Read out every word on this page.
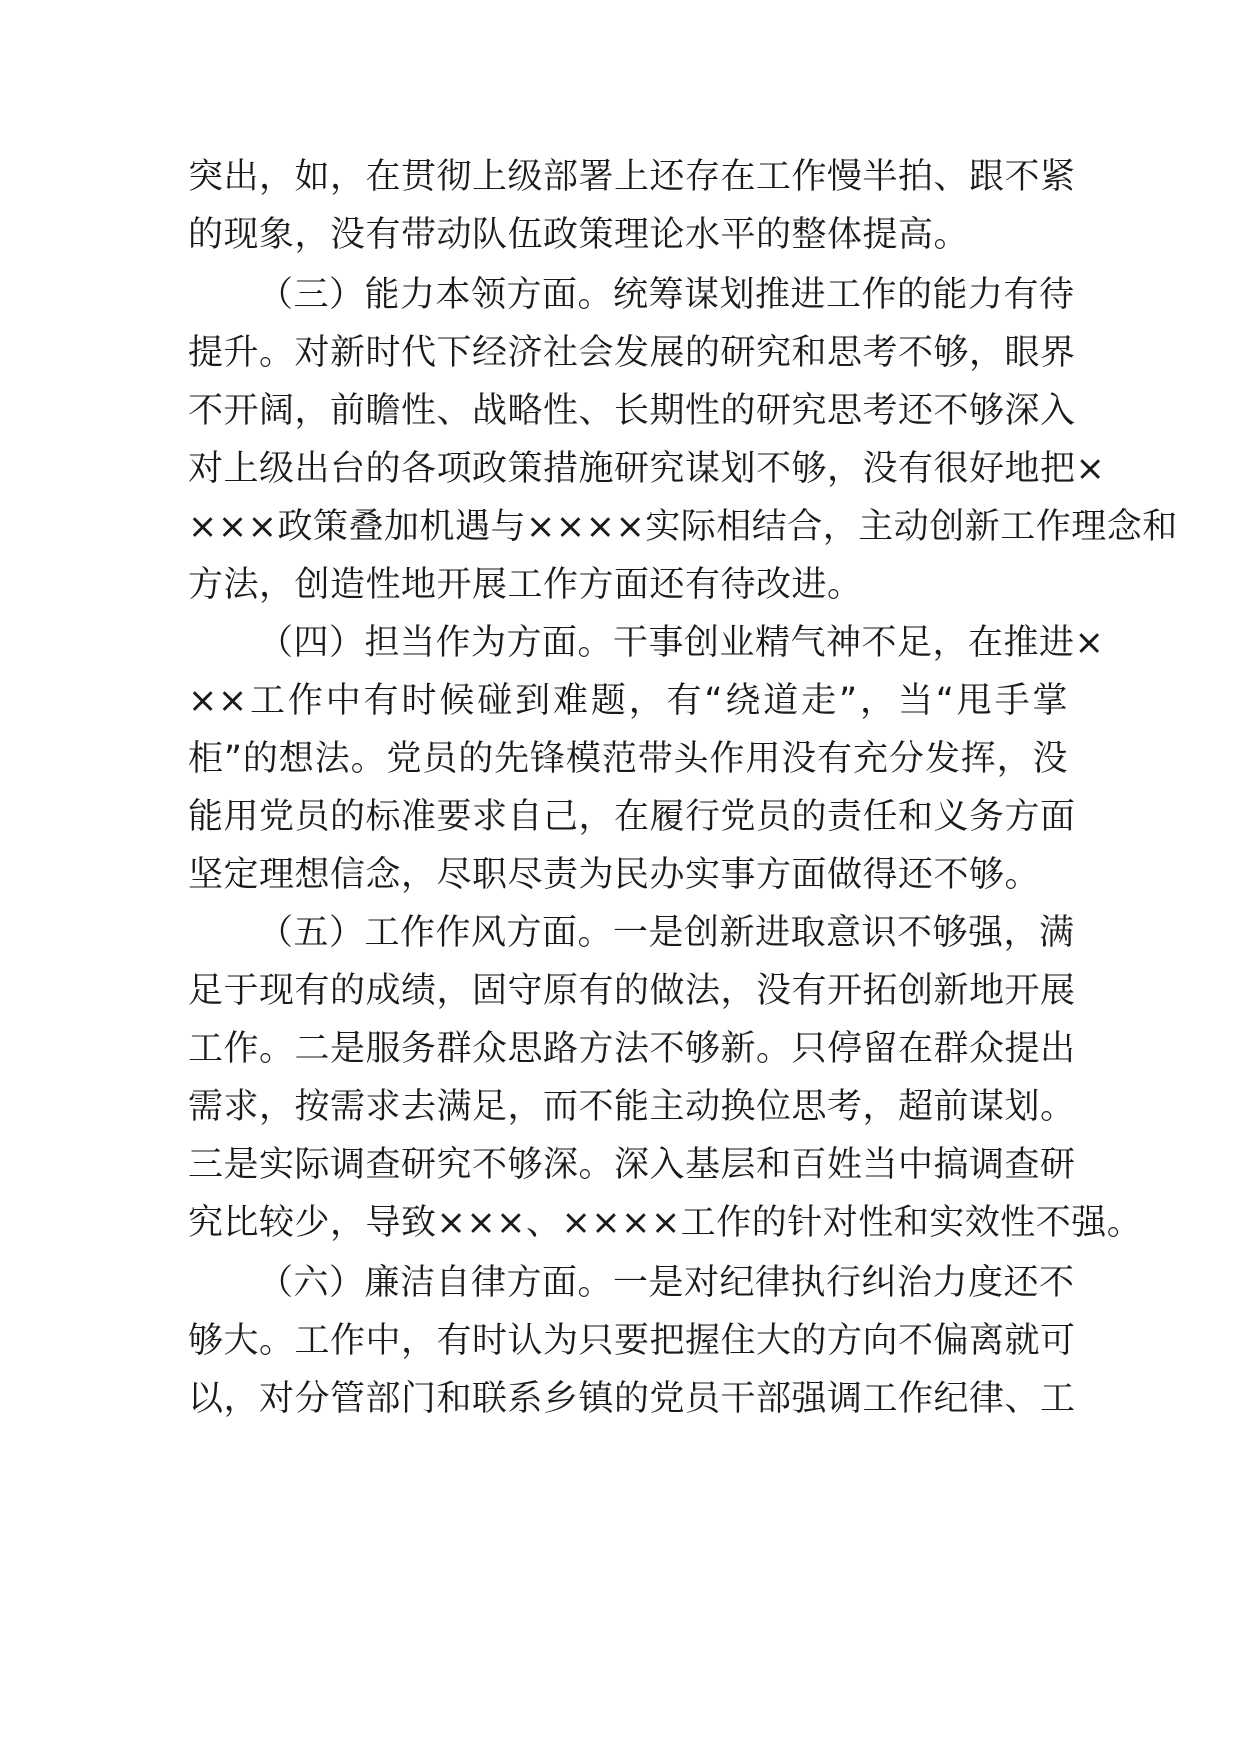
突出，如，在贯彻上级部署上还存在工作慢半拍、跟不紧
的现象，没有带动队伍政策理论水平的整体提高。
（三）能力本领方面。统筹谋划推进工作的能力有待
提升。对新时代下经济社会发展的研究和思考不够，眼界
不开阔，前瞻性、战略性、长期性的研究思考还不够深入
对上级出台的各项政策措施研究谋划不够，没有很好地把×
×××政策叠加机遇与××××实际相结合，主动创新工作理念和
方法，创造性地开展工作方面还有待改进。
（四）担当作为方面。干事创业精气神不足，在推进×
××工作中有时候碰到难题，有“绕道走”，当“甩手掌
柜”的想法。党员的先锋模范带头作用没有充分发挥，没
能用党员的标准要求自己，在履行党员的责任和义务方面
坚定理想信念，尽职尽责为民办实事方面做得还不够。
（五）工作作风方面。一是创新进取意识不够强，满
足于现有的成绩，固守原有的做法，没有开拓创新地开展
工作。二是服务群众思路方法不够新。只停留在群众提出
需求，按需求去满足，而不能主动换位思考，超前谋划。
三是实际调查研究不够深。深入基层和百姓当中搞调查研
究比较少，导致×××、××××工作的针对性和实效性不强。
（六）廉洁自律方面。一是对纪律执行纠治力度还不
够大。工作中，有时认为只要把握住大的方向不偏离就可
以，对分管部门和联系乡镇的党员干部强调工作纪律、工
